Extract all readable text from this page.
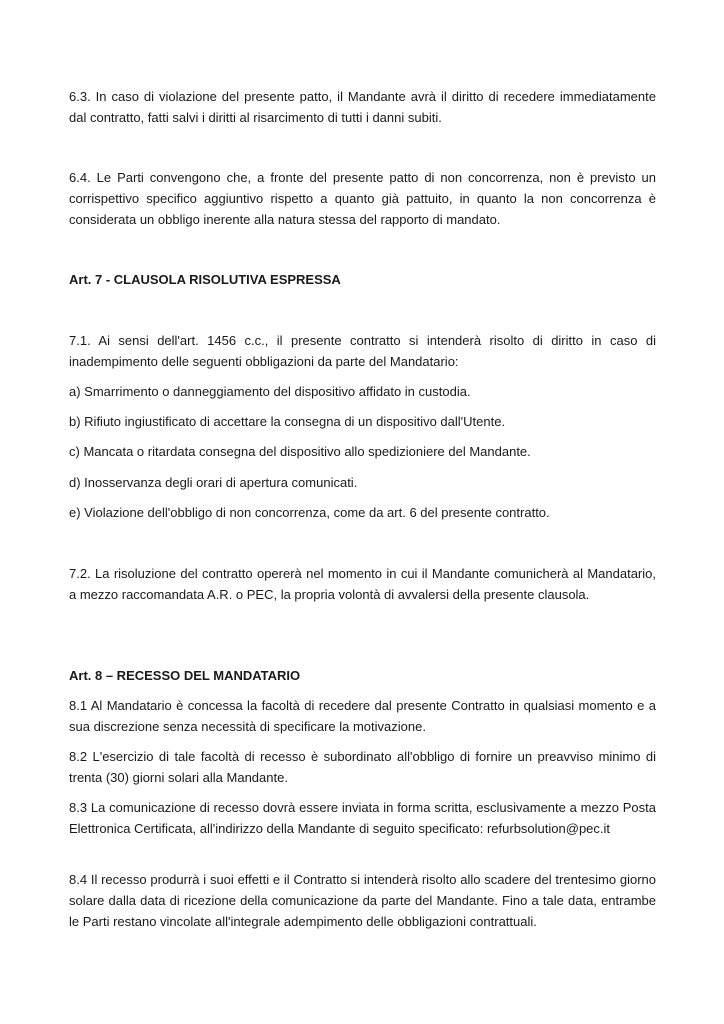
6.3. In caso di violazione del presente patto, il Mandante avrà il diritto di recedere immediatamente dal contratto, fatti salvi i diritti al risarcimento di tutti i danni subiti.

6.4. Le Parti convengono che, a fronte del presente patto di non concorrenza, non è previsto un corrispettivo specifico aggiuntivo rispetto a quanto già pattuito, in quanto la non concorrenza è considerata un obbligo inerente alla natura stessa del rapporto di mandato.

Art. 7 - CLAUSOLA RISOLUTIVA ESPRESSA

7.1. Ai sensi dell'art. 1456 c.c., il presente contratto si intenderà risolto di diritto in caso di inadempimento delle seguenti obbligazioni da parte del Mandatario:

a) Smarrimento o danneggiamento del dispositivo affidato in custodia.

b) Rifiuto ingiustificato di accettare la consegna di un dispositivo dall'Utente.

c) Mancata o ritardata consegna del dispositivo allo spedizioniere del Mandante.

d) Inosservanza degli orari di apertura comunicati.

e) Violazione dell'obbligo di non concorrenza, come da art. 6 del presente contratto.

7.2. La risoluzione del contratto opererà nel momento in cui il Mandante comunicherà al Mandatario, a mezzo raccomandata A.R. o PEC, la propria volontà di avvalersi della presente clausola.

Art. 8 – RECESSO DEL MANDATARIO

8.1 Al Mandatario è concessa la facoltà di recedere dal presente Contratto in qualsiasi momento e a sua discrezione senza necessità di specificare la motivazione.

8.2 L'esercizio di tale facoltà di recesso è subordinato all'obbligo di fornire un preavviso minimo di trenta (30) giorni solari alla Mandante.

8.3 La comunicazione di recesso dovrà essere inviata in forma scritta, esclusivamente a mezzo Posta Elettronica Certificata, all'indirizzo della Mandante di seguito specificato: refurbsolution@pec.it

8.4 Il recesso produrrà i suoi effetti e il Contratto si intenderà risolto allo scadere del trentesimo giorno solare dalla data di ricezione della comunicazione da parte del Mandante. Fino a tale data, entrambe le Parti restano vincolate all'integrale adempimento delle obbligazioni contrattuali.
